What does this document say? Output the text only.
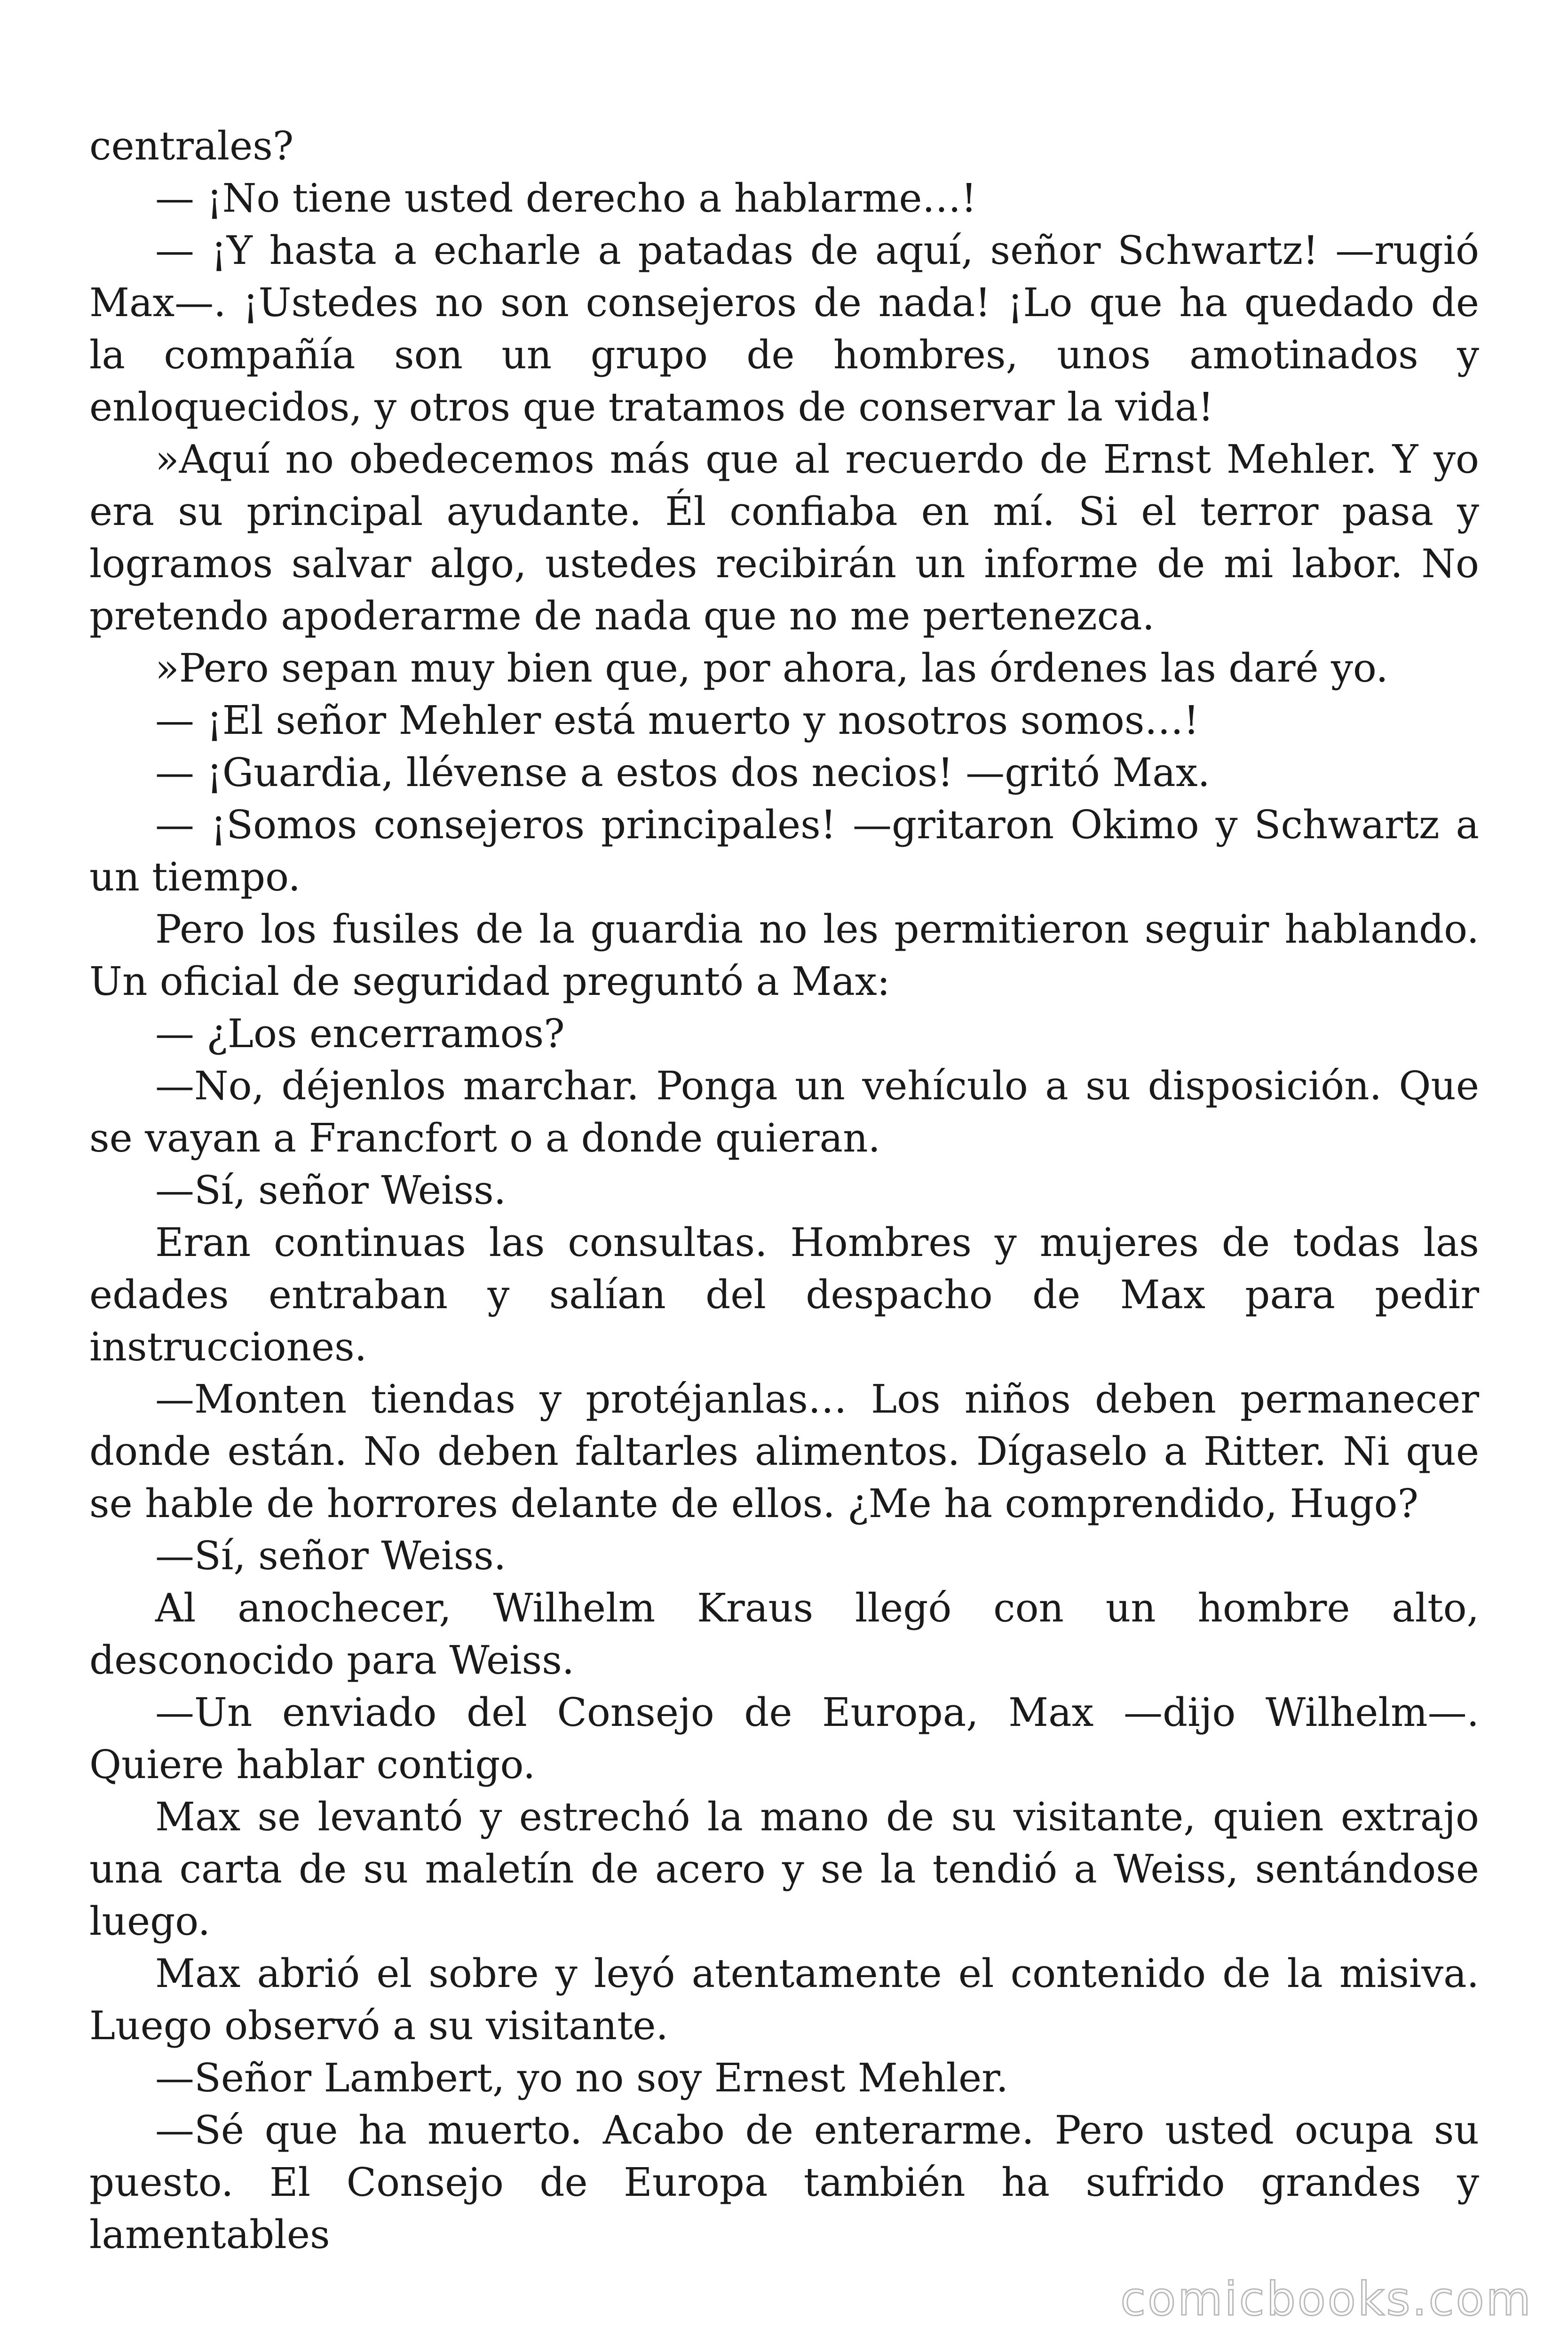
centrales?

— ¡No tiene usted derecho a hablarme…!

— ¡Y hasta a echarle a patadas de aquí, señor Schwartz! —rugió Max—. ¡Ustedes no son consejeros de nada! ¡Lo que ha quedado de la compañía son un grupo de hombres, unos amotinados y enloquecidos, y otros que tratamos de conservar la vida!

»Aquí no obedecemos más que al recuerdo de Ernst Mehler. Y yo era su principal ayudante. Él confiaba en mí. Si el terror pasa y logramos salvar algo, ustedes recibirán un informe de mi labor. No pretendo apoderarme de nada que no me pertenezca.

»Pero sepan muy bien que, por ahora, las órdenes las daré yo.

— ¡El señor Mehler está muerto y nosotros somos…!

— ¡Guardia, llévense a estos dos necios! —gritó Max.

— ¡Somos consejeros principales! —gritaron Okimo y Schwartz a un tiempo.

Pero los fusiles de la guardia no les permitieron seguir hablando. Un oficial de seguridad preguntó a Max:

— ¿Los encerramos?

—No, déjenlos marchar. Ponga un vehículo a su disposición. Que se vayan a Francfort o a donde quieran.

—Sí, señor Weiss.

Eran continuas las consultas. Hombres y mujeres de todas las edades entraban y salían del despacho de Max para pedir instrucciones.

—Monten tiendas y protéjanlas… Los niños deben permanecer donde están. No deben faltarles alimentos. Dígaselo a Ritter. Ni que se hable de horrores delante de ellos. ¿Me ha comprendido, Hugo?

—Sí, señor Weiss.

Al anochecer, Wilhelm Kraus llegó con un hombre alto, desconocido para Weiss.

—Un enviado del Consejo de Europa, Max —dijo Wilhelm—. Quiere hablar contigo.

Max se levantó y estrechó la mano de su visitante, quien extrajo una carta de su maletín de acero y se la tendió a Weiss, sentándose luego.

Max abrió el sobre y leyó atentamente el contenido de la misiva. Luego observó a su visitante.

—Señor Lambert, yo no soy Ernest Mehler.

—Sé que ha muerto. Acabo de enterarme. Pero usted ocupa su puesto. El Consejo de Europa también ha sufrido grandes y lamentables

comicbooks.com
